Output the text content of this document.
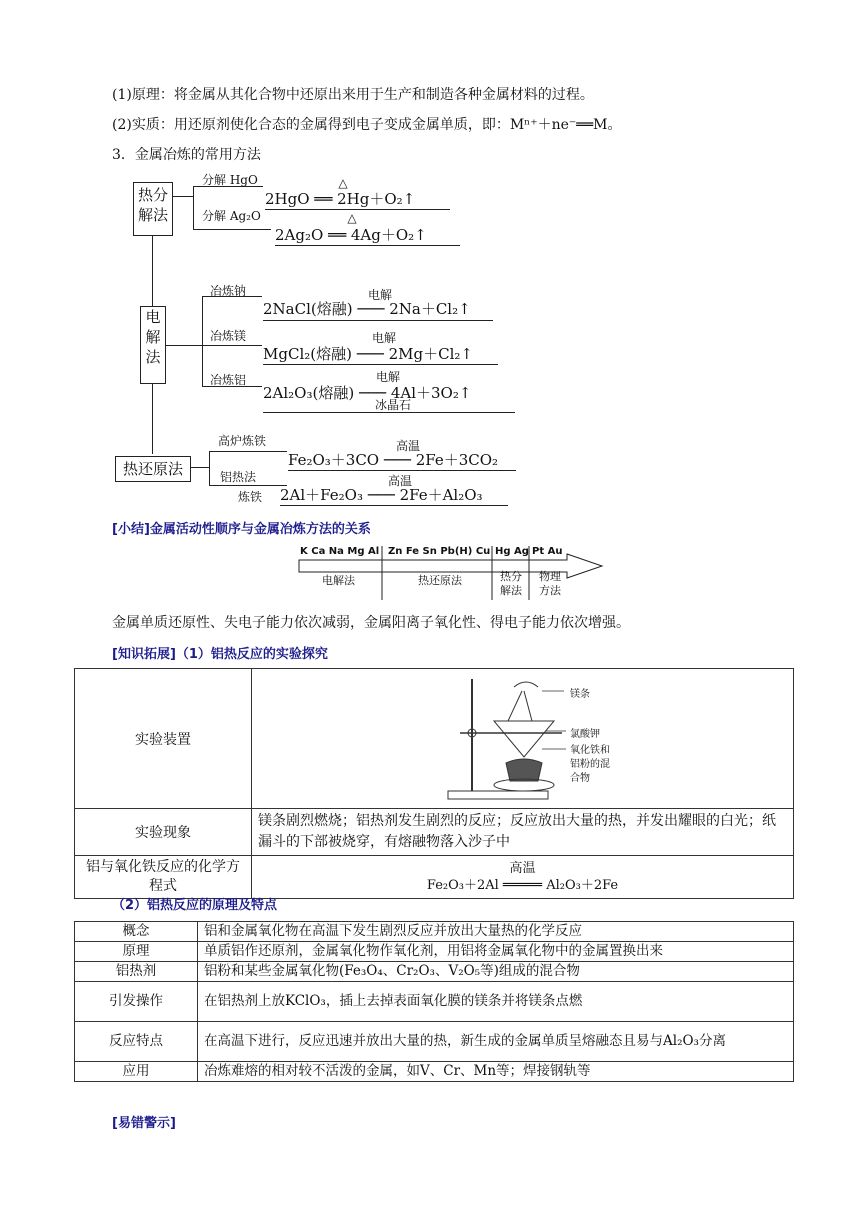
(1)原理：将金属从其化合物中还原出来用于生产和制造各种金属材料的过程。
(2)实质：用还原剂使化合态的金属得到电子变成金属单质，即：Mⁿ⁺＋ne⁻══M。
3．金属冶炼的常用方法
热分
解法
分解 HgO
2HgO ══ 2Hg＋O₂↑
△
分解 Ag₂O
2Ag₂O ══ 4Ag＋O₂↑
△
电
解
法
冶炼钠
2NaCl(熔融) ─── 2Na＋Cl₂↑
电解
冶炼镁
MgCl₂(熔融) ─── 2Mg＋Cl₂↑
电解
冶炼铝
2Al₂O₃(熔融) ─── 4Al＋3O₂↑
电解
冰晶石
热还原法
高炉炼铁
Fe₂O₃＋3CO ─── 2Fe＋3CO₂
高温
铝热法
炼铁 2Al＋Fe₂O₃ ─── 2Fe＋Al₂O₃
高温
[小结]金属活动性顺序与金属冶炼方法的关系
K Ca Na Mg Al Zn Fe Sn Pb(H) Cu Hg Ag Pt Au
电解法	热还原法	热分解法
物理方法
金属单质还原性、失电子能力依次减弱，金属阳离子氧化性、得电子能力依次增强。
[知识拓展]（1）铝热反应的实验探究
实验装置	镁条
氯酸钾
氧化铁和
铝粉的混
合物

实验现象	镁条剧烈燃烧；铝热剂发生剧烈的反应；反应放出大量的热，并发出耀眼的白光；纸漏斗的下部被烧穿，有熔融物落入沙子中
铝与氧化铁反应的化学方程式	高温
Fe₂O₃＋2Al ═════ Al₂O₃＋2Fe
（2）铝热反应的原理及特点
概念	铝和金属氧化物在高温下发生剧烈反应并放出大量热的化学反应
原理	单质铝作还原剂，金属氧化物作氧化剂，用铝将金属氧化物中的金属置换出来
铝热剂	铝粉和某些金属氧化物(Fe₃O₄、Cr₂O₃、V₂O₅等)组成的混合物
引发操作	在铝热剂上放KClO₃，插上去掉表面氧化膜的镁条并将镁条点燃
反应特点	在高温下进行，反应迅速并放出大量的热，新生成的金属单质呈熔融态且易与Al₂O₃分离
应用	冶炼难熔的相对较不活泼的金属，如V、Cr、Mn等；焊接钢轨等
[易错警示]
